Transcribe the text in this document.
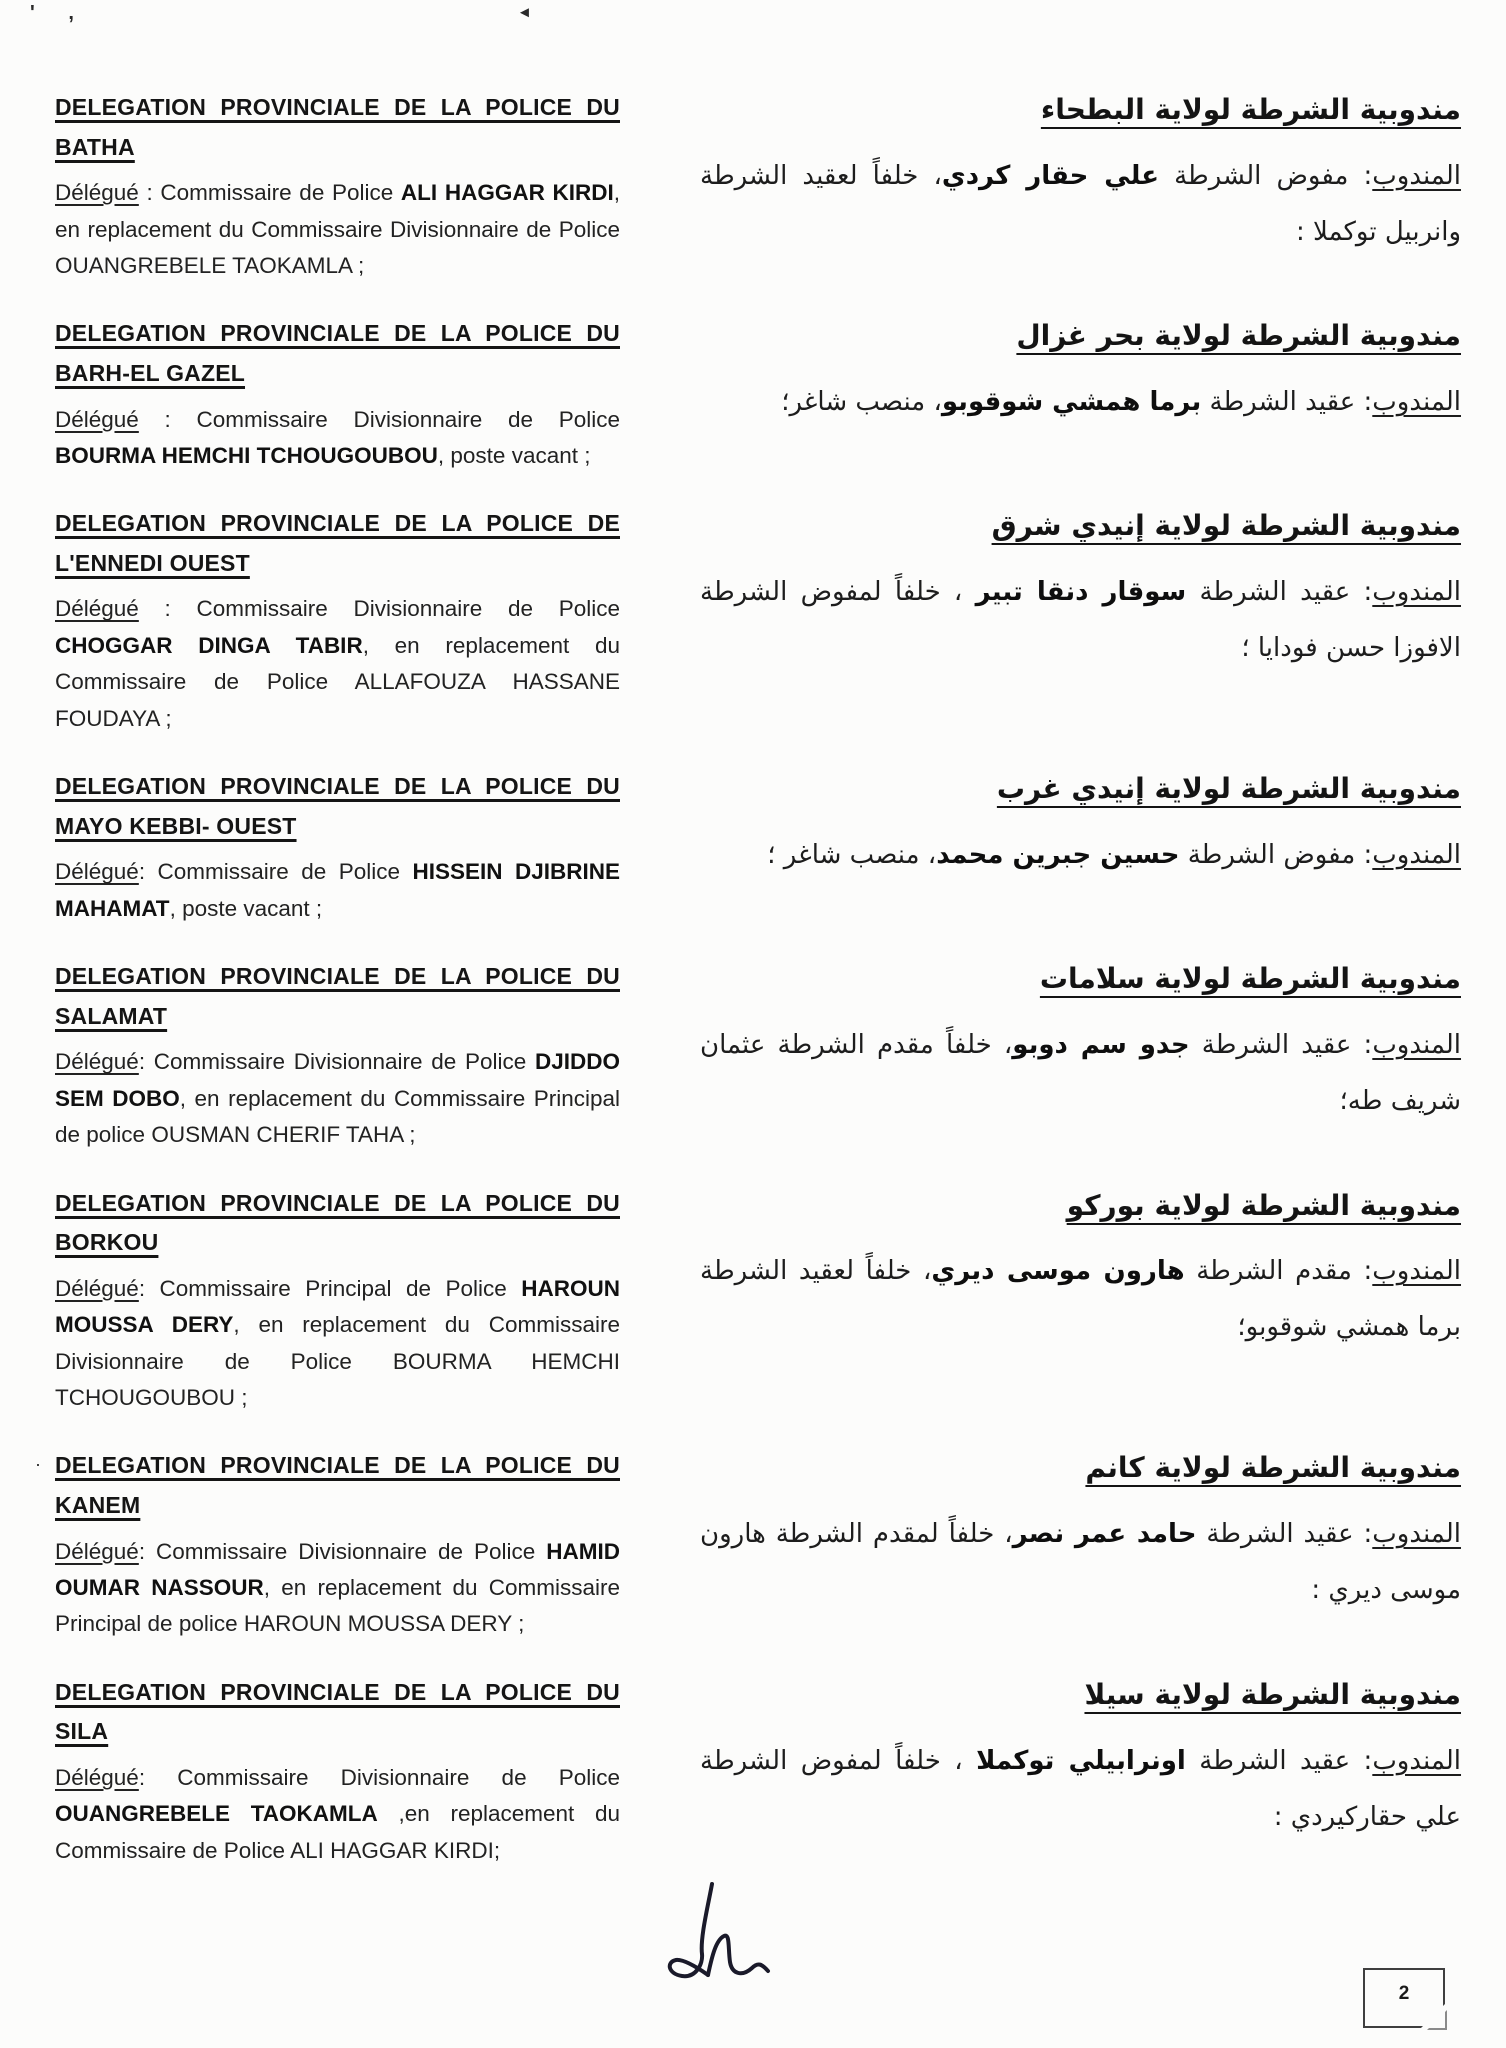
' ,	◄
DELEGATION PROVINCIALE DE LA POLICE DU BATHA

Délégué : Commissaire de Police ALI HAGGAR KIRDI, en replacement du Commissaire Divisionnaire de Police OUANGREBELE TAOKAMLA ;

مندوبية الشرطة لولاية البطحاء

المندوب: مفوض الشرطة علي حقار كردي، خلفاً لعقيد الشرطة وانربيل توكملا :

DELEGATION PROVINCIALE DE LA POLICE DU BARH-EL GAZEL

Délégué : Commissaire Divisionnaire de Police BOURMA HEMCHI TCHOUGOUBOU, poste vacant ;

مندوبية الشرطة لولاية بحر غزال

المندوب: عقيد الشرطة برما همشي شوقوبو، منصب شاغر؛

DELEGATION PROVINCIALE DE LA POLICE DE L'ENNEDI OUEST

Délégué : Commissaire Divisionnaire de Police CHOGGAR DINGA TABIR, en replacement du Commissaire de Police ALLAFOUZA HASSANE FOUDAYA ;

مندوبية الشرطة لولاية إنيدي شرق

المندوب: عقيد الشرطة سوقار دنقا تبير ، خلفاً لمفوض الشرطة الافوزا حسن فودايا ؛

DELEGATION PROVINCIALE DE LA POLICE DU MAYO KEBBI- OUEST

Délégué: Commissaire de Police HISSEIN DJIBRINE MAHAMAT, poste vacant ;

مندوبية الشرطة لولاية إنيدي غرب

المندوب: مفوض الشرطة حسين جبرين محمد، منصب شاغر ؛

DELEGATION PROVINCIALE DE LA POLICE DU SALAMAT

Délégué: Commissaire Divisionnaire de Police DJIDDO SEM DOBO, en replacement du Commissaire Principal de police OUSMAN CHERIF TAHA ;

مندوبية الشرطة لولاية سلامات

المندوب: عقيد الشرطة جدو سم دوبو، خلفاً مقدم الشرطة عثمان شريف طه؛

DELEGATION PROVINCIALE DE LA POLICE DU BORKOU

Délégué: Commissaire Principal de Police HAROUN MOUSSA DERY, en replacement du Commissaire Divisionnaire de Police BOURMA HEMCHI TCHOUGOUBOU ;

مندوبية الشرطة لولاية بوركو

المندوب: مقدم الشرطة هارون موسى ديري، خلفاً لعقيد الشرطة برما همشي شوقوبو؛

· DELEGATION PROVINCIALE DE LA POLICE DU KANEM

Délégué: Commissaire Divisionnaire de Police HAMID OUMAR NASSOUR, en replacement du Commissaire Principal de police HAROUN MOUSSA DERY ;

مندوبية الشرطة لولاية كانم

المندوب: عقيد الشرطة حامد عمر نصر، خلفاً لمقدم الشرطة هارون موسى ديري :

DELEGATION PROVINCIALE DE LA POLICE DU SILA

Délégué: Commissaire Divisionnaire de Police OUANGREBELE TAOKAMLA ,en replacement du Commissaire de Police ALI HAGGAR KIRDI;

مندوبية الشرطة لولاية سيلا

المندوب: عقيد الشرطة اونرابيلي توكملا ، خلفاً لمفوض الشرطة علي حقاركيردي :

2
